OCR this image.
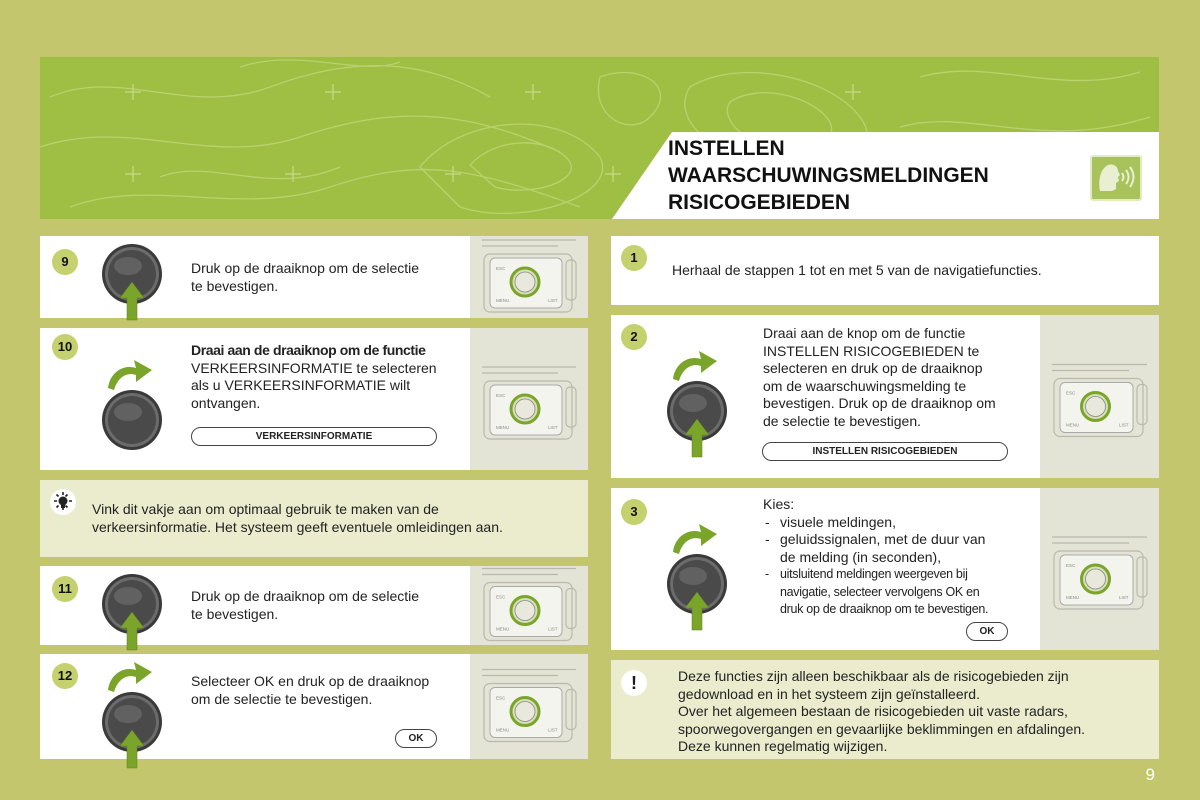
INSTELLEN
WAARSCHUWINGSMELDINGEN
RISICOGEBIEDEN
9	Druk op de draaiknop om de selectie
te bevestigen.
ESC
MENU	LIST
10	Draai aan de draaiknop om de functie
VERKEERSINFORMATIE te selecteren
als u VERKEERSINFORMATIE wilt
ontvangen.
VERKEERSINFORMATIE
ESC
MENU	LIST
Vink dit vakje aan om optimaal gebruik te maken van de
verkeersinformatie. Het systeem geeft eventuele omleidingen aan.
11	Druk op de draaiknop om de selectie
te bevestigen.
ESC
MENU	LIST
12	Selecteer OK en druk op de draaiknop
om de selectie te bevestigen.
OK
ESC
MENU	LIST
1
Herhaal de stappen 1 tot en met 5 van de navigatiefuncties.
2	Draai aan de knop om de functie
INSTELLEN RISICOGEBIEDEN te
selecteren en druk op de draaiknop
om de waarschuwingsmelding te
bevestigen. Druk op de draaiknop om
de selectie te bevestigen.
INSTELLEN RISICOGEBIEDEN
ESC
MENU	LIST
3	Kies:
- visuele meldingen,
- geluidssignalen, met de duur van
de melding (in seconden),
- uitsluitend meldingen weergeven bij
navigatie, selecteer vervolgens OK en
druk op de draaiknop om te bevestigen.
OK
ESC
MENU	LIST
!	Deze functies zijn alleen beschikbaar als de risicogebieden zijn
gedownload en in het systeem zijn geïnstalleerd.
Over het algemeen bestaan de risicogebieden uit vaste radars,
spoorwegovergangen en gevaarlijke beklimmingen en afdalingen.
Deze kunnen regelmatig wijzigen.
9
